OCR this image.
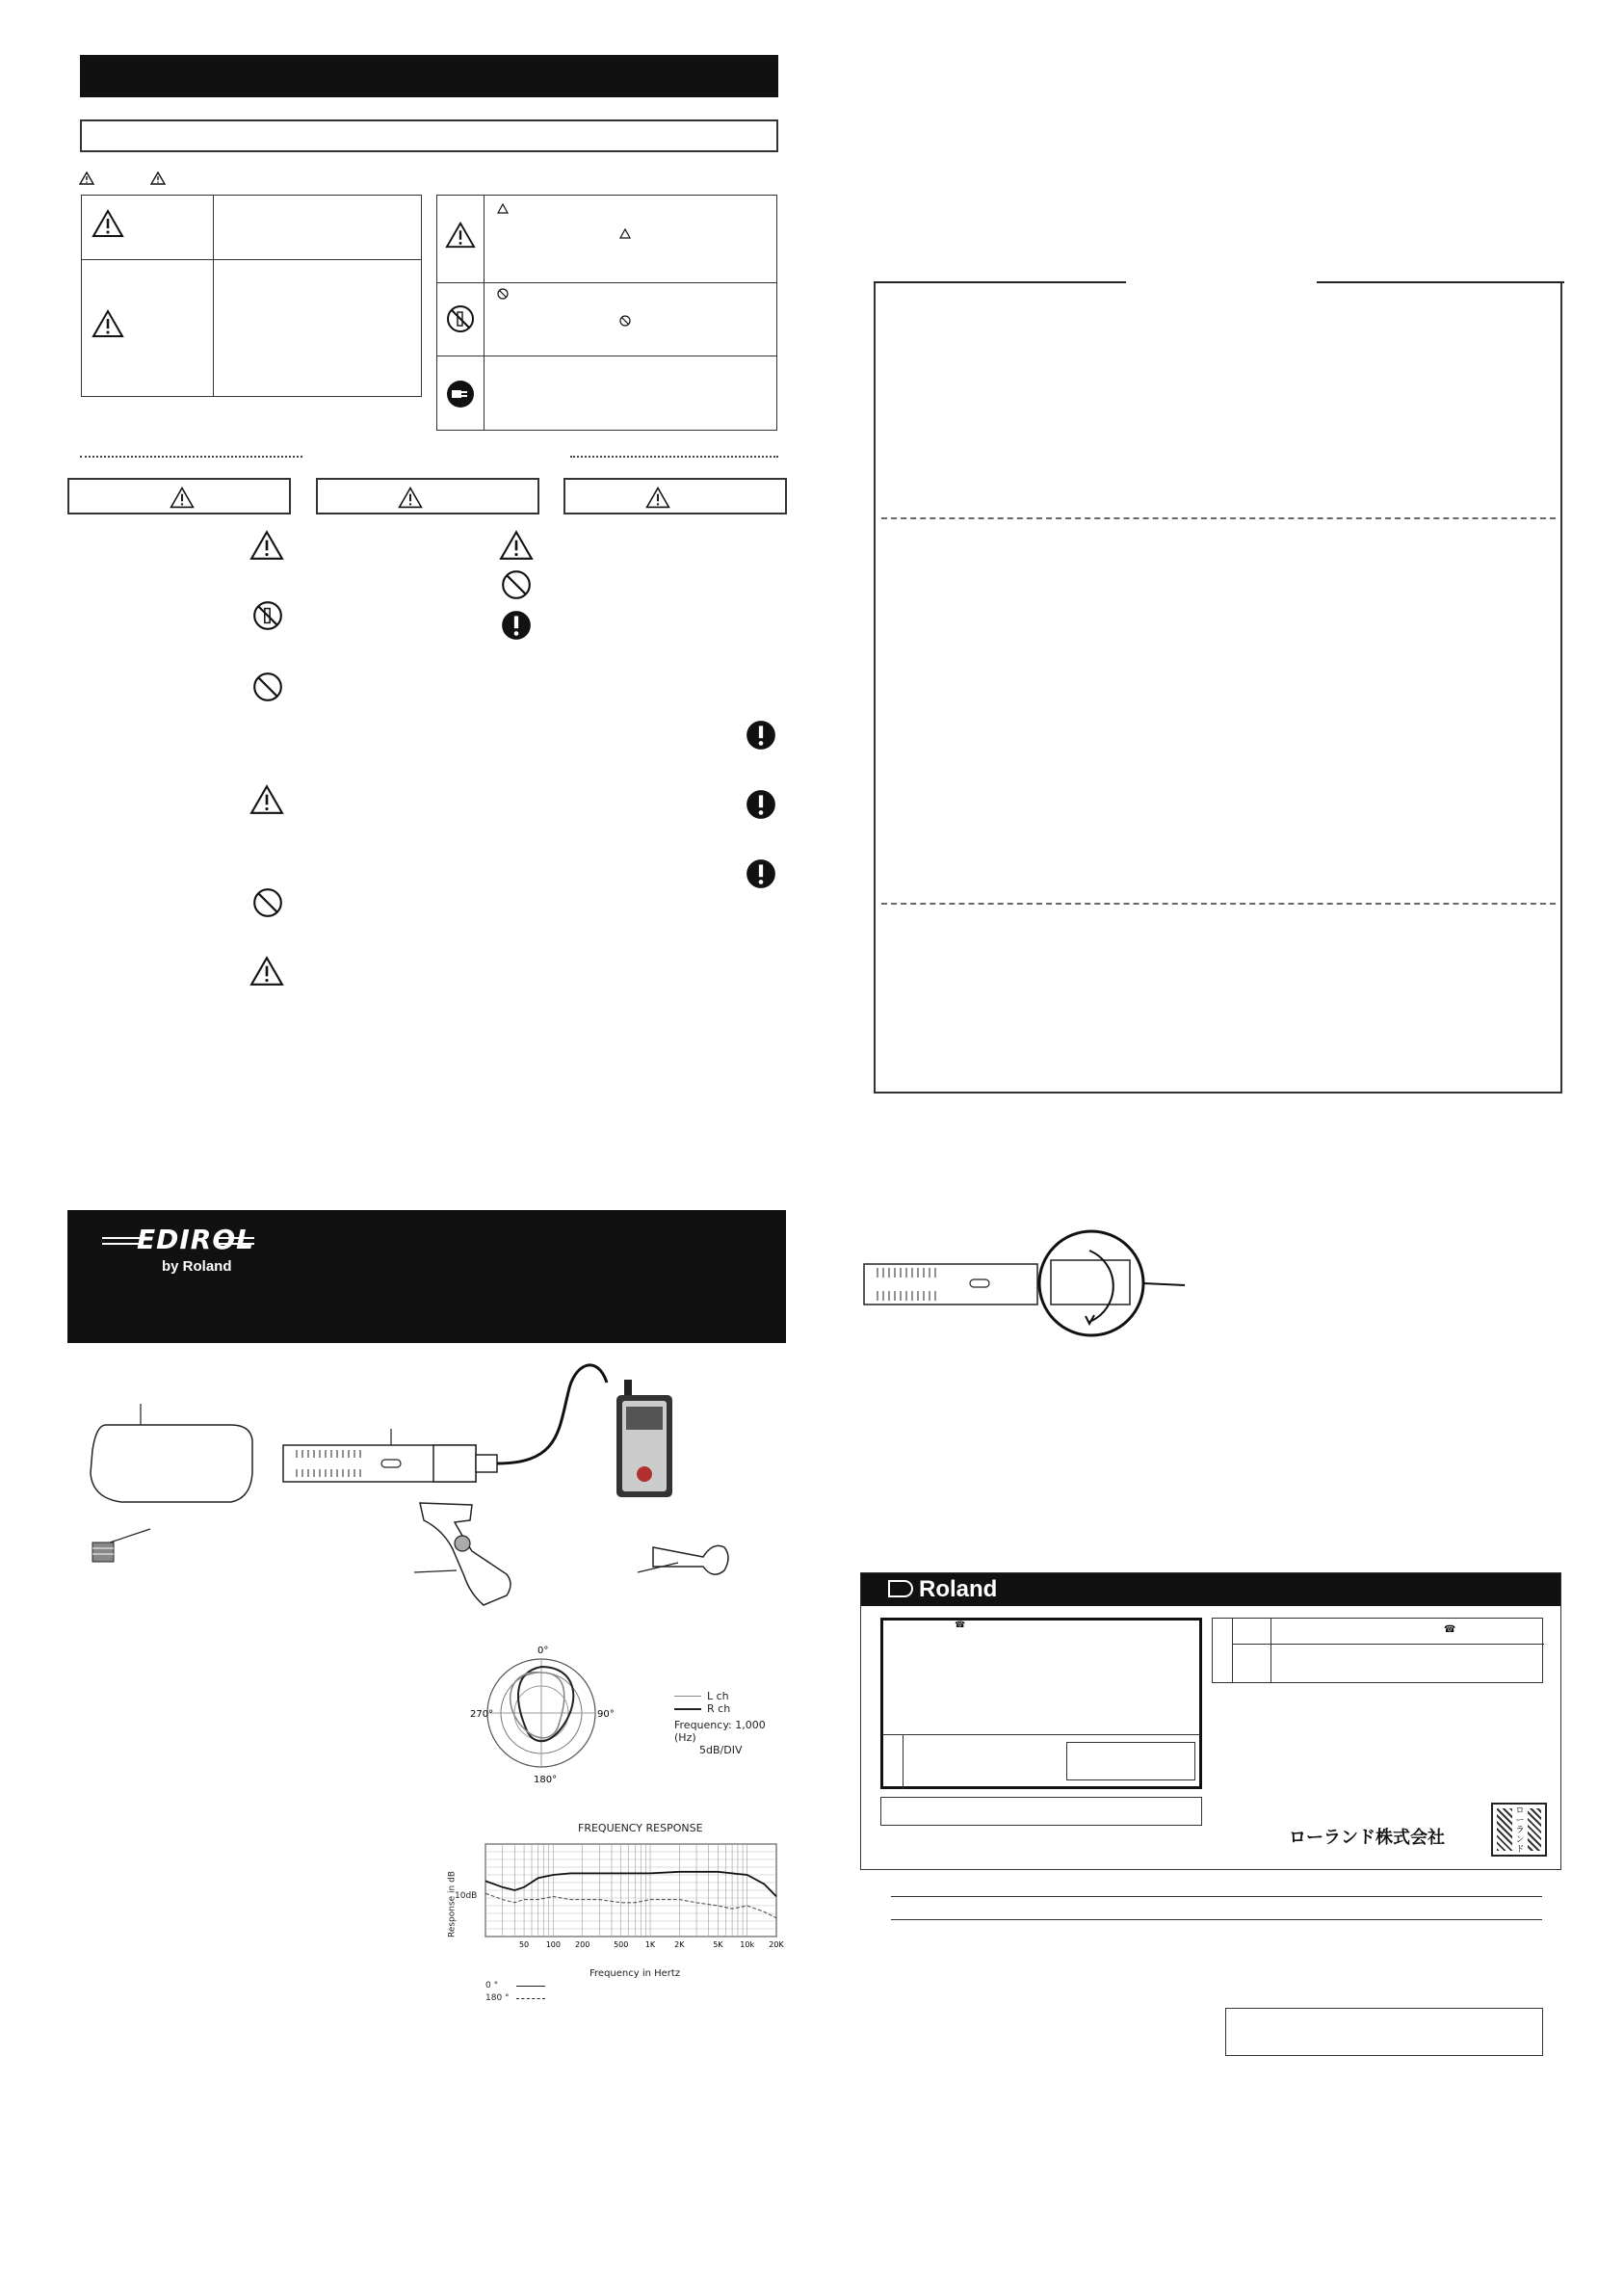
EDIROL
by Roland
0°
90°
180°
270°
L ch
R ch
Frequency: 1,000 (Hz)
5dB/DIV
FREQUENCY RESPONSE
Response in dB
10dB
50 100 200	500 1K 2K	5K 10k 20K
Frequency in Hertz
0 °
180 °
Roland
☎	☎
ローランド株式会社
ローランド
